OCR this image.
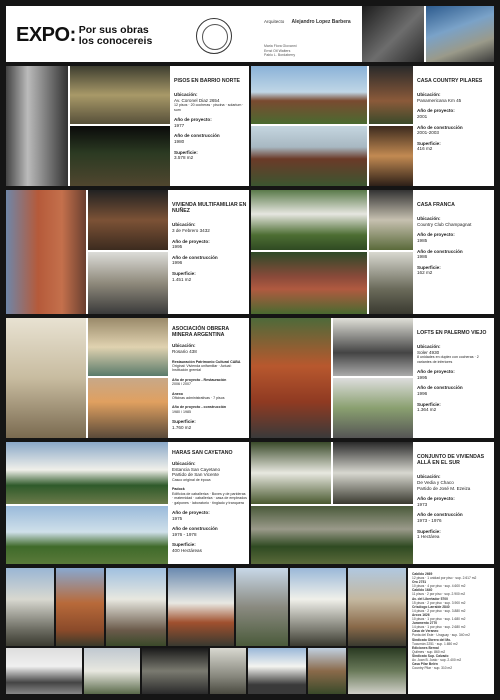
EXPO: Por sus obras
los conocereis
Arquitecto Alejandro Lopez Barbera
Maria Flora Giovanni
Ernst Otl Walters
Pablo L. Bordaberry
PISOS EN BARRIO NORTE
Ubicación:
Av. Coronel Diaz 2654
12 pisos · 20 cocheras · piscina · solarium · sum
Año de proyecto:
1977
Año de construcción
1980
Superficie:
3.578 m2
CASA COUNTRY PILARES
Ubicación:
Panamericana Km 45
Año de proyecto:
2001
Año de construcción
2001-2003
Superficie:
416 m2
VIVIENDA MULTIFAMILIAR EN NUÑEZ
Ubicación:
3 de Febrero 3432
Año de proyecto:
1995
Año de construcción
1996
Superficie:
1.451 m2
CASA FRANCA
Ubicación:
Country Club Champagnat
Año de proyecto:
1985
Año de construcción
1986
Superficie:
162 m2
ASOCIACIÓN OBRERA MINERA ARGENTINA
Ubicación:
Rosario 438
Restauración Patrimonio Cultural CABA
Original: Vivienda unifamiliar · Actual: Institución gremial
Año de proyecto - Restauración
2006 / 2007
Anexo
Oficinas administrativas · 7 pisos
Año de proyecto - construcción
1980 / 1985
Superficie:
1.760 m2
LOFTS EN PALERMO VIEJO
Ubicación:
Soler 4930
8 unidades en duplex con cocheras · 2 variantes de inferiores
Año de proyecto:
1995
Año de construcción
1996
Superficie:
1.364 m2
HARAS SAN CAYETANO
Ubicación:
Estancia San Cayetano
Partido de San Vicente
Casco original de época
Padock
Edificios de caballeriza · Boxes y de parideras · maternidad · caballeriza · casa de empleados · galpones · laboratorio · tinglado y tranquera
Año de proyecto:
1975
Año de construcción
1976 - 1978
Superficie:
400 Hectáreas
CONJUNTO DE VIVIENDAS ALLÁ EN EL SUR
Ubicación:
De Vedia y Chaco
Partido de José M. Ezeiza
Año de proyecto:
1973
Año de construcción
1973 - 1976
Superficie:
1 Hectárea
Cabildo 2669
12 pisos · 1 unidad por piso · sup. 2.617 m2
Oro 2751
10 pisos · 4 por piso · sup. 4.600 m2
Cabildo 1640
11 pisos · 2 por piso · sup. 2.900 m2
Av. del Libertador 5700
15 pisos · 2 por piso · sup. 3.900 m2
Crisólogo Larralde 2840
14 pisos · 2 por piso · sup. 3.880 m2
Arcos 1626
10 pisos · 1 por piso · sup. 1.680 m2
Juramento 2770
14 pisos · 1 por piso · sup. 2.680 m2
Casa de Veraneo
Punta del Este · Uruguay · sup. 340 m2
Sindicato Obrero del Mo.
Tucumán 2251 · sup. 1.650 m2
Ediciones Bernal
Quilmes · sup. 860 m2
Sindicato Sup. Calzado
Av. Juan B. Justo · sup. 2.400 m2
Casa Pilar Belén
Country Pilar · sup. 310 m2
